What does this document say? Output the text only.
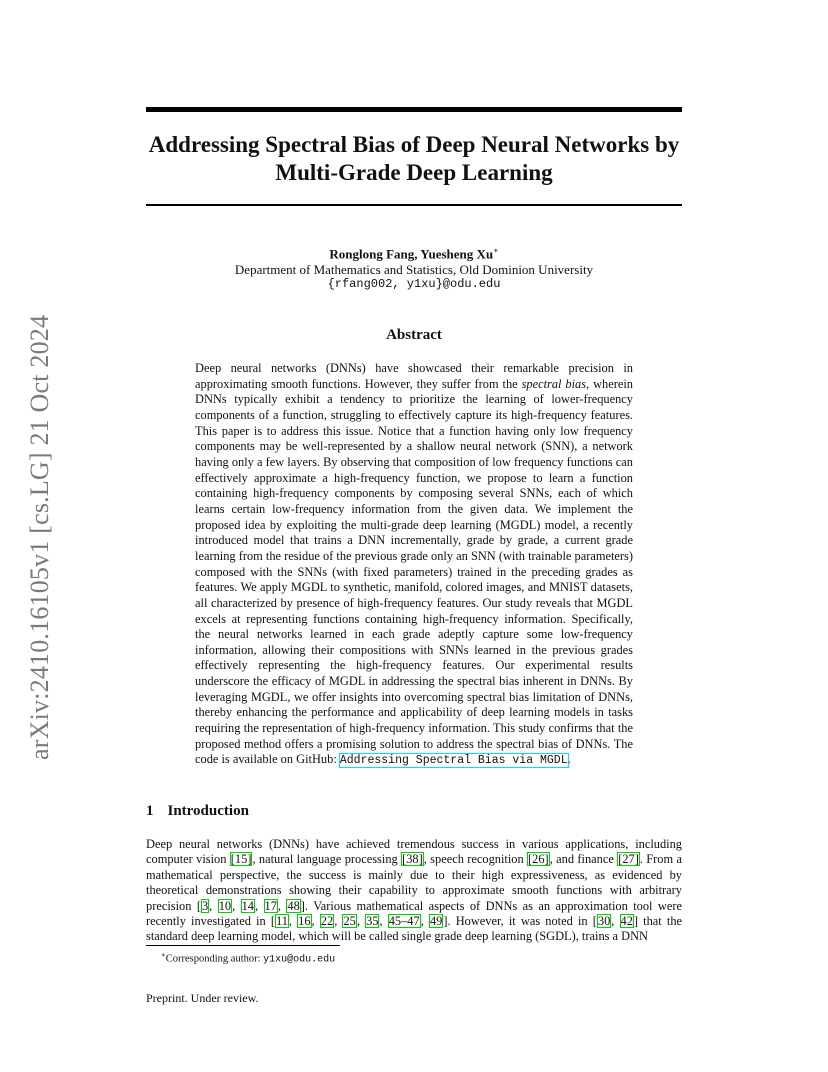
arXiv:2410.16105v1 [cs.LG] 21 Oct 2024
Addressing Spectral Bias of Deep Neural Networks by
Multi-Grade Deep Learning
Ronglong Fang, Yuesheng Xu∗
Department of Mathematics and Statistics, Old Dominion University
{rfang002, y1xu}@odu.edu
Abstract

Deep neural networks (DNNs) have showcased their remarkable precision in approximating smooth functions. However, they suffer from the spectral bias, wherein DNNs typically exhibit a tendency to prioritize the learning of lower-frequency components of a function, struggling to effectively capture its high-frequency features. This paper is to address this issue. Notice that a function having only low frequency components may be well-represented by a shallow neural network (SNN), a network having only a few layers. By observing that composition of low frequency functions can effectively approximate a high-frequency function, we propose to learn a function containing high-frequency components by composing several SNNs, each of which learns certain low-frequency information from the given data. We implement the proposed idea by exploiting the multi-grade deep learning (MGDL) model, a recently introduced model that trains a DNN incrementally, grade by grade, a current grade learning from the residue of the previous grade only an SNN (with trainable parameters) composed with the SNNs (with fixed parameters) trained in the preceding grades as features. We apply MGDL to synthetic, manifold, colored images, and MNIST datasets, all characterized by presence of high-frequency features. Our study reveals that MGDL excels at representing functions containing high-frequency information. Specifically, the neural networks learned in each grade adeptly capture some low-frequency information, allowing their compositions with SNNs learned in the previous grades effectively representing the high-frequency features. Our experimental results underscore the efficacy of MGDL in addressing the spectral bias inherent in DNNs. By leveraging MGDL, we offer insights into overcoming spectral bias limitation of DNNs, thereby enhancing the performance and applicability of deep learning models in tasks requiring the representation of high-frequency information. This study confirms that the proposed method offers a promising solution to address the spectral bias of DNNs. The code is available on GitHub: Addressing Spectral Bias via MGDL.

1 Introduction

Deep neural networks (DNNs) have achieved tremendous success in various applications, including computer vision [15], natural language processing [38], speech recognition [26], and finance [27]. From a mathematical perspective, the success is mainly due to their high expressiveness, as evidenced by theoretical demonstrations showing their capability to approximate smooth functions with arbitrary precision [3, 10, 14, 17, 48]. Various mathematical aspects of DNNs as an approximation tool were recently investigated in [11, 16, 22, 25, 35, 45–47, 49]. However, it was noted in [30, 42] that the standard deep learning model, which will be called single grade deep learning (SGDL), trains a DNN

∗Corresponding author: y1xu@odu.edu
Preprint. Under review.
